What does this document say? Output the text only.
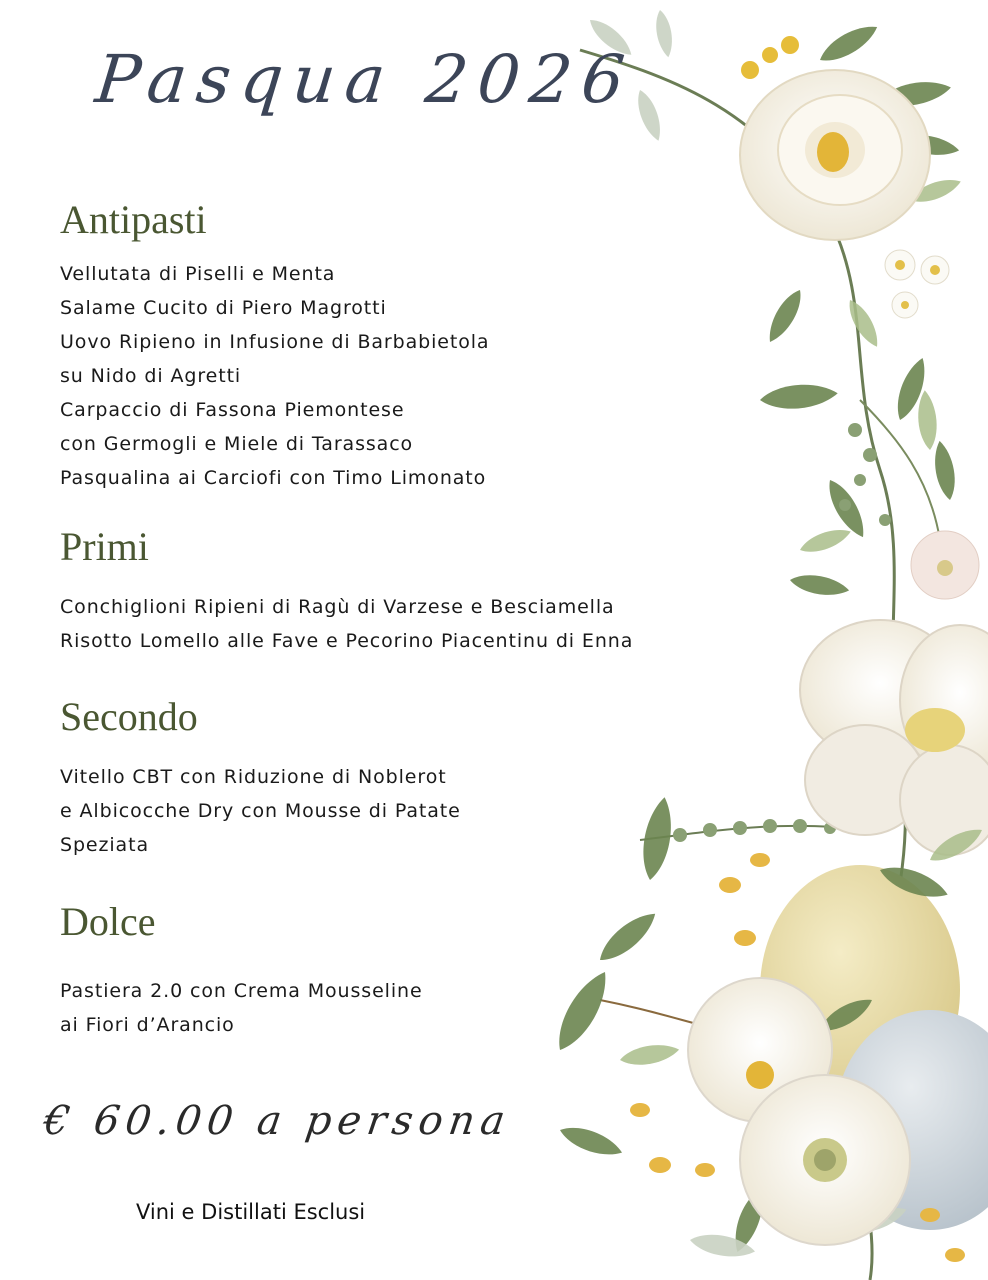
Pasqua 2026
Antipasti
Vellutata di Piselli e Menta
Salame Cucito di Piero Magrotti
Uovo Ripieno in Infusione di Barbabietola
su Nido di Agretti
Carpaccio di Fassona Piemontese
con Germogli e Miele di Tarassaco
Pasqualina ai Carciofi con Timo Limonato
Primi
Conchiglioni Ripieni di Ragù di Varzese e Besciamella
Risotto Lomello alle Fave e Pecorino Piacentinu di Enna
Secondo
Vitello CBT con Riduzione di Noblerot
e Albicocche Dry con Mousse di Patate
Speziata
Dolce
Pastiera 2.0 con Crema Mousseline
ai Fiori d’Arancio
€ 60.00 a persona
Vini e Distillati Esclusi
